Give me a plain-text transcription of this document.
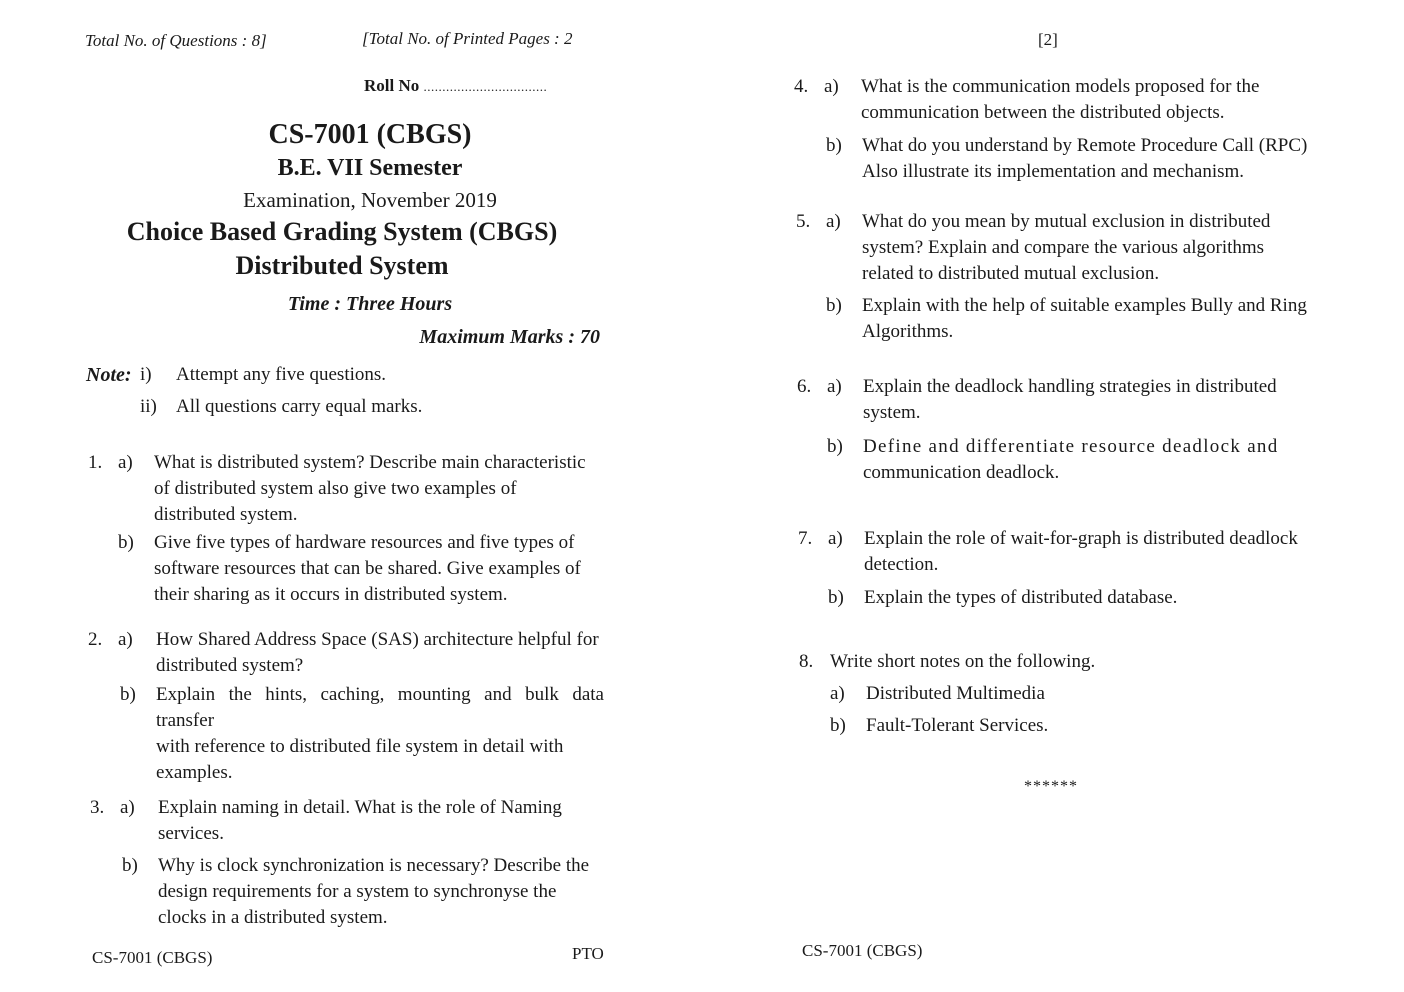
Total No. of Questions : 8]	[Total No. of Printed Pages : 2
Roll No .................................
CS-7001 (CBGS)
B.E. VII Semester
Examination, November 2019
Choice Based Grading System (CBGS)
Distributed System
Time : Three Hours
Maximum Marks : 70
Note: i) Attempt any five questions.
ii) All questions carry equal marks.
1. a) What is distributed system? Describe main characteristic
of distributed system also give two examples of
distributed system.
b) Give five types of hardware resources and five types of
software resources that can be shared. Give examples of
their sharing as it occurs in distributed system.
2. a) How Shared Address Space (SAS) architecture helpful for
distributed system?
b) Explain the hints, caching, mounting and bulk data transfer
with reference to distributed file system in detail with
examples.
3. a) Explain naming in detail. What is the role of Naming
services.
b) Why is clock synchronization is necessary? Describe the
design requirements for a system to synchronyse the
clocks in a distributed system.
CS-7001 (CBGS)	PTO
[2]
4. a) What is the communication models proposed for the
communication between the distributed objects.
b) What do you understand by Remote Procedure Call (RPC)
Also illustrate its implementation and mechanism.
5. a) What do you mean by mutual exclusion in distributed
system? Explain and compare the various algorithms
related to distributed mutual exclusion.
b) Explain with the help of suitable examples Bully and Ring
Algorithms.
6. a) Explain the deadlock handling strategies in distributed
system.
b) Define and differentiate resource deadlock and
communication deadlock.
7. a) Explain the role of wait-for-graph is distributed deadlock
detection.
b) Explain the types of distributed database.
8. Write short notes on the following.
a) Distributed Multimedia
b) Fault-Tolerant Services.
******
CS-7001 (CBGS)
